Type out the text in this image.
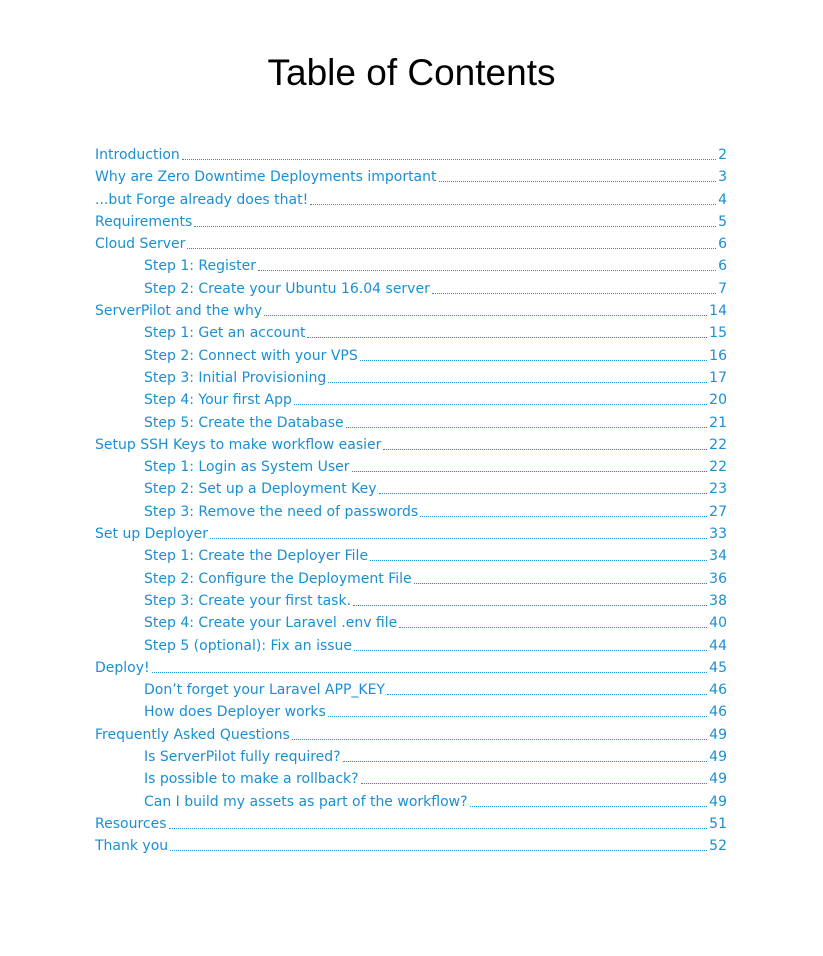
Table of Contents
Introduction	2
Why are Zero Downtime Deployments important	3
...but Forge already does that!	4
Requirements	5
Cloud Server	6
Step 1: Register	6
Step 2: Create your Ubuntu 16.04 server	7
ServerPilot and the why	14
Step 1: Get an account	15
Step 2: Connect with your VPS	16
Step 3: Initial Provisioning	17
Step 4: Your first App	20
Step 5: Create the Database	21
Setup SSH Keys to make workflow easier	22
Step 1: Login as System User	22
Step 2: Set up a Deployment Key	23
Step 3: Remove the need of passwords	27
Set up Deployer	33
Step 1: Create the Deployer File	34
Step 2: Configure the Deployment File	36
Step 3: Create your first task.	38
Step 4: Create your Laravel .env file	40
Step 5 (optional): Fix an issue	44
Deploy!	45
Don’t forget your Laravel APP_KEY	46
How does Deployer works	46
Frequently Asked Questions	49
Is ServerPilot fully required?	49
Is possible to make a rollback?	49
Can I build my assets as part of the workflow?	49
Resources	51
Thank you	52
